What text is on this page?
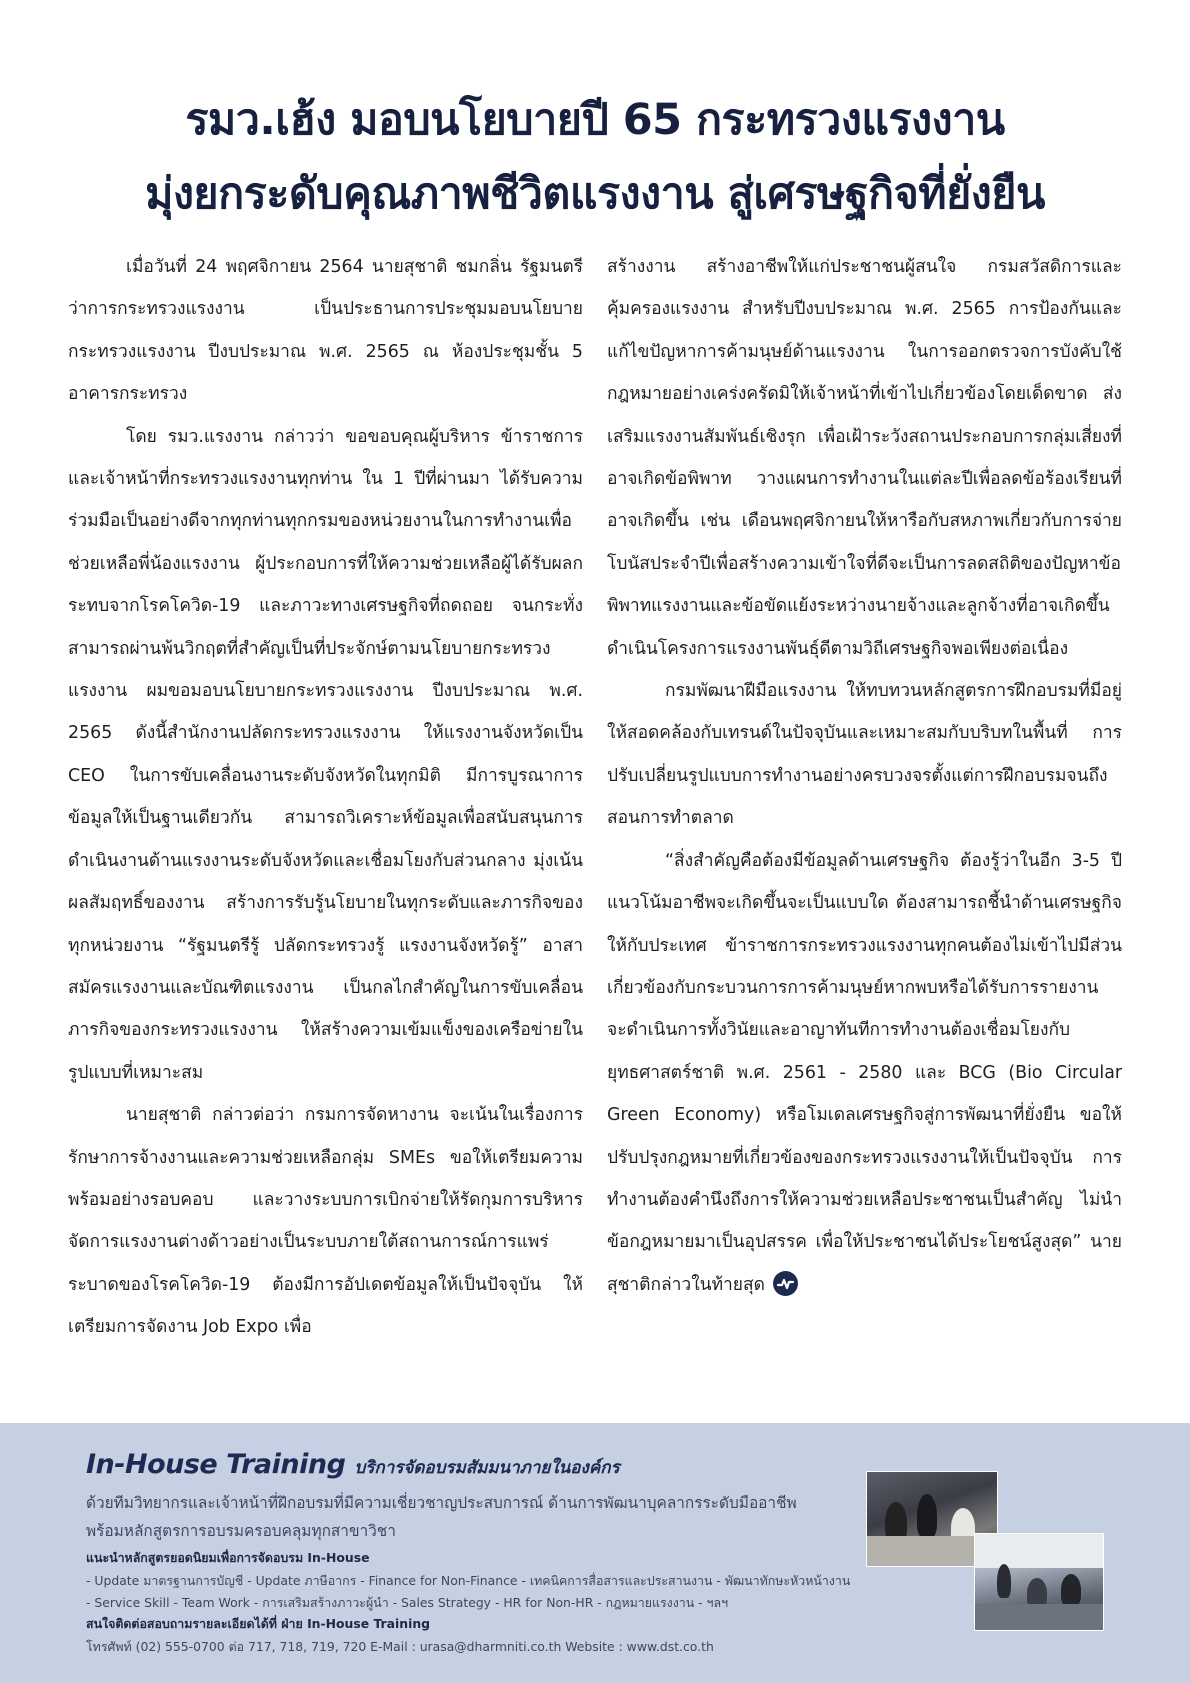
รมว.เฮ้ง มอบนโยบายปี 65 กระทรวงแรงงาน
มุ่งยกระดับคุณภาพชีวิตแรงงาน สู่เศรษฐกิจที่ยั่งยืน

เมื่อวันที่ 24 พฤศจิกายน 2564 นายสุชาติ ชมกลิ่น รัฐมนตรีว่าการกระทรวงแรงงาน เป็นประธานการประชุมมอบนโยบายกระทรวงแรงงาน ปีงบประมาณ พ.ศ. 2565 ณ ห้องประชุมชั้น 5 อาคารกระทรวง

โดย รมว.แรงงาน กล่าวว่า ขอขอบคุณผู้บริหาร ข้าราชการและเจ้าหน้าที่กระทรวงแรงงานทุกท่าน ใน 1 ปีที่ผ่านมา ได้รับความร่วมมือเป็นอย่างดีจากทุกท่านทุกกรมของหน่วยงานในการทำงานเพื่อช่วยเหลือพี่น้องแรงงาน ผู้ประกอบการที่ให้ความช่วยเหลือผู้ได้รับผลกระทบจากโรคโควิด-19 และภาวะทางเศรษฐกิจที่ถดถอย จนกระทั่งสามารถผ่านพ้นวิกฤตที่สำคัญเป็นที่ประจักษ์ตามนโยบายกระทรวงแรงงาน ผมขอมอบนโยบายกระทรวงแรงงาน ปีงบประมาณ พ.ศ. 2565 ดังนี้สำนักงานปลัดกระทรวงแรงงาน ให้แรงงานจังหวัดเป็น CEO ในการขับเคลื่อนงานระดับจังหวัดในทุกมิติ มีการบูรณาการข้อมูลให้เป็นฐานเดียวกัน สามารถวิเคราะห์ข้อมูลเพื่อสนับสนุนการดำเนินงานด้านแรงงานระดับจังหวัดและเชื่อมโยงกับส่วนกลาง มุ่งเน้นผลสัมฤทธิ์ของงาน สร้างการรับรู้นโยบายในทุกระดับและภารกิจของทุกหน่วยงาน “รัฐมนตรีรู้ ปลัดกระทรวงรู้ แรงงานจังหวัดรู้” อาสาสมัครแรงงานและบัณฑิตแรงงาน เป็นกลไกสำคัญในการขับเคลื่อนภารกิจของกระทรวงแรงงาน ให้สร้างความเข้มแข็งของเครือข่ายในรูปแบบที่เหมาะสม

นายสุชาติ กล่าวต่อว่า กรมการจัดหางาน จะเน้นในเรื่องการรักษาการจ้างงานและความช่วยเหลือกลุ่ม SMEs ขอให้เตรียมความพร้อมอย่างรอบคอบ และวางระบบการเบิกจ่ายให้รัดกุมการบริหารจัดการแรงงานต่างด้าวอย่างเป็นระบบภายใต้สถานการณ์การแพร่ระบาดของโรคโควิด-19 ต้องมีการอัปเดตข้อมูลให้เป็นปัจจุบัน ให้เตรียมการจัดงาน Job Expo เพื่อ

สร้างงาน สร้างอาชีพให้แก่ประชาชนผู้สนใจ กรมสวัสดิการและคุ้มครองแรงงาน สำหรับปีงบประมาณ พ.ศ. 2565 การป้องกันและแก้ไขปัญหาการค้ามนุษย์ด้านแรงงาน ในการออกตรวจการบังคับใช้กฎหมายอย่างเคร่งครัดมิให้เจ้าหน้าที่เข้าไปเกี่ยวข้องโดยเด็ดขาด ส่งเสริมแรงงานสัมพันธ์เชิงรุก เพื่อเฝ้าระวังสถานประกอบการกลุ่มเสี่ยงที่อาจเกิดข้อพิพาท วางแผนการทำงานในแต่ละปีเพื่อลดข้อร้องเรียนที่อาจเกิดขึ้น เช่น เดือนพฤศจิกายนให้หารือกับสหภาพเกี่ยวกับการจ่ายโบนัสประจำปีเพื่อสร้างความเข้าใจที่ดีจะเป็นการลดสถิติของปัญหาข้อพิพาทแรงงานและข้อขัดแย้งระหว่างนายจ้างและลูกจ้างที่อาจเกิดขึ้น ดำเนินโครงการแรงงานพันธุ์ดีตามวิถีเศรษฐกิจพอเพียงต่อเนื่อง

กรมพัฒนาฝีมือแรงงาน ให้ทบทวนหลักสูตรการฝึกอบรมที่มีอยู่ให้สอดคล้องกับเทรนด์ในปัจจุบันและเหมาะสมกับบริบทในพื้นที่ การปรับเปลี่ยนรูปแบบการทำงานอย่างครบวงจรตั้งแต่การฝึกอบรมจนถึงสอนการทำตลาด

“สิ่งสำคัญคือต้องมีข้อมูลด้านเศรษฐกิจ ต้องรู้ว่าในอีก 3-5 ปี แนวโน้มอาชีพจะเกิดขึ้นจะเป็นแบบใด ต้องสามารถชี้นำด้านเศรษฐกิจให้กับประเทศ ข้าราชการกระทรวงแรงงานทุกคนต้องไม่เข้าไปมีส่วนเกี่ยวข้องกับกระบวนการการค้ามนุษย์หากพบหรือได้รับการรายงาน จะดำเนินการทั้งวินัยและอาญาทันทีการทำงานต้องเชื่อมโยงกับยุทธศาสตร์ชาติ พ.ศ. 2561 - 2580 และ BCG (Bio Circular Green Economy) หรือโมเดลเศรษฐกิจสู่การพัฒนาที่ยั่งยืน ขอให้ปรับปรุงกฎหมายที่เกี่ยวข้องของกระทรวงแรงงานให้เป็นปัจจุบัน การทำงานต้องคำนึงถึงการให้ความช่วยเหลือประชาชนเป็นสำคัญ ไม่นำข้อกฎหมายมาเป็นอุปสรรค เพื่อให้ประชาชนได้ประโยชน์สูงสุด” นายสุชาติกล่าวในท้ายสุด

In-House Training บริการจัดอบรมสัมมนาภายในองค์กร
ด้วยทีมวิทยากรและเจ้าหน้าที่ฝึกอบรมที่มีความเชี่ยวชาญประสบการณ์ ด้านการพัฒนาบุคลากรระดับมืออาชีพ
พร้อมหลักสูตรการอบรมครอบคลุมทุกสาขาวิชา
แนะนำหลักสูตรยอดนิยมเพื่อการจัดอบรม In-House
- Update มาตรฐานการบัญชี - Update ภาษีอากร - Finance for Non-Finance - เทคนิคการสื่อสารและประสานงาน - พัฒนาทักษะหัวหน้างาน
- Service Skill - Team Work - การเสริมสร้างภาวะผู้นำ - Sales Strategy - HR for Non-HR - กฎหมายแรงงาน - ฯลฯ
สนใจติดต่อสอบถามรายละเอียดได้ที่ ฝ่าย In-House Training
โทรศัพท์ (02) 555-0700 ต่อ 717, 718, 719, 720 E-Mail : urasa@dharmniti.co.th Website : www.dst.co.th
